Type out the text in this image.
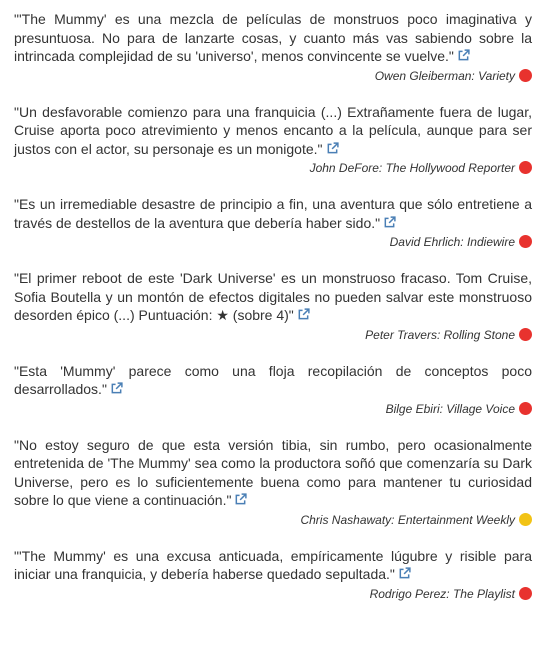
"'The Mummy' es una mezcla de películas de monstruos poco imaginativa y presuntuosa. No para de lanzarte cosas, y cuanto más vas sabiendo sobre la intrincada complejidad de su 'universo', menos convincente se vuelve."

Owen Gleiberman: Variety

"Un desfavorable comienzo para una franquicia (...) Extrañamente fuera de lugar, Cruise aporta poco atrevimiento y menos encanto a la película, aunque para ser justos con el actor, su personaje es un monigote."

John DeFore: The Hollywood Reporter

"Es un irremediable desastre de principio a fin, una aventura que sólo entretiene a través de destellos de la aventura que debería haber sido."

David Ehrlich: Indiewire

"El primer reboot de este 'Dark Universe' es un monstruoso fracaso. Tom Cruise, Sofia Boutella y un montón de efectos digitales no pueden salvar este monstruoso desorden épico (...) Puntuación: ★ (sobre 4)"

Peter Travers: Rolling Stone

"Esta 'Mummy' parece como una floja recopilación de conceptos poco desarrollados."

Bilge Ebiri: Village Voice

"No estoy seguro de que esta versión tibia, sin rumbo, pero ocasionalmente entretenida de 'The Mummy' sea como la productora soñó que comenzaría su Dark Universe, pero es lo suficientemente buena como para mantener tu curiosidad sobre lo que viene a continuación."

Chris Nashawaty: Entertainment Weekly

"'The Mummy' es una excusa anticuada, empíricamente lúgubre y risible para iniciar una franquicia, y debería haberse quedado sepultada."

Rodrigo Perez: The Playlist
